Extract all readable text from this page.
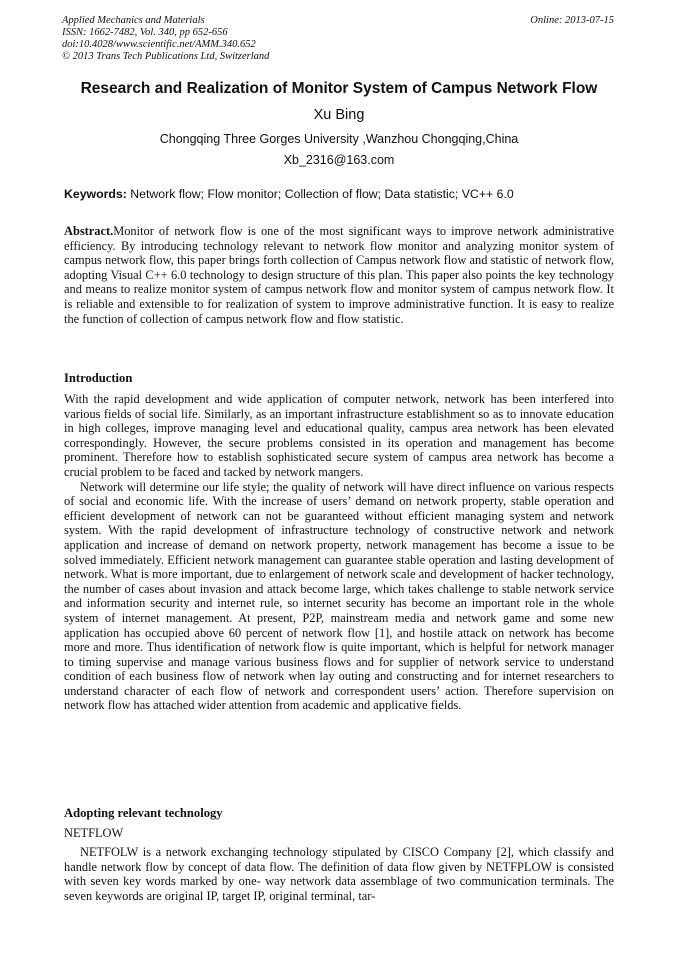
Applied Mechanics and Materials
ISSN: 1662-7482, Vol. 340, pp 652-656
doi:10.4028/www.scientific.net/AMM.340.652
© 2013 Trans Tech Publications Ltd, Switzerland
Online: 2013-07-15
Research and Realization of Monitor System of Campus Network Flow
Xu Bing
Chongqing Three Gorges University ,Wanzhou Chongqing,China
Xb_2316@163.com
Keywords: Network flow; Flow monitor; Collection of flow; Data statistic; VC++ 6.0

Abstract.Monitor of network flow is one of the most significant ways to improve network administrative efficiency. By introducing technology relevant to network flow monitor and analyzing monitor system of campus network flow, this paper brings forth collection of Campus network flow and statistic of network flow, adopting Visual C++ 6.0 technology to design structure of this plan. This paper also points the key technology and means to realize monitor system of campus network flow and monitor system of campus network flow. It is reliable and extensible to for realization of system to improve administrative function. It is easy to realize the function of collection of campus network flow and flow statistic.

Introduction

With the rapid development and wide application of computer network, network has been interfered into various fields of social life. Similarly, as an important infrastructure establishment so as to innovate education in high colleges, improve managing level and educational quality, campus area network has been elevated correspondingly. However, the secure problems consisted in its operation and management has become prominent. Therefore how to establish sophisticated secure system of campus area network has become a crucial problem to be faced and tacked by network mangers.

Network will determine our life style; the quality of network will have direct influence on various respects of social and economic life. With the increase of users’ demand on network property, stable operation and efficient development of network can not be guaranteed without efficient managing system and network system. With the rapid development of infrastructure technology of constructive network and network application and increase of demand on network property, network management has become a issue to be solved immediately. Efficient network management can guarantee stable operation and lasting development of network. What is more important, due to enlargement of network scale and development of hacker technology, the number of cases about invasion and attack become large, which takes challenge to stable network service and information security and internet rule, so internet security has become an important role in the whole system of internet management. At present, P2P, mainstream media and network game and some new application has occupied above 60 percent of network flow [1], and hostile attack on network has become more and more. Thus identification of network flow is quite important, which is helpful for network manager to timing supervise and manage various business flows and for supplier of network service to understand condition of each business flow of network when lay outing and constructing and for internet researchers to understand character of each flow of network and correspondent users’ action. Therefore supervision on network flow has attached wider attention from academic and applicative fields.

Adopting relevant technology
NETFLOW

NETFOLW is a network exchanging technology stipulated by CISCO Company [2], which classify and handle network flow by concept of data flow. The definition of data flow given by NETFPLOW is consisted with seven key words marked by one- way network data assemblage of two communication terminals. The seven keywords are original IP, target IP, original terminal, tar-
